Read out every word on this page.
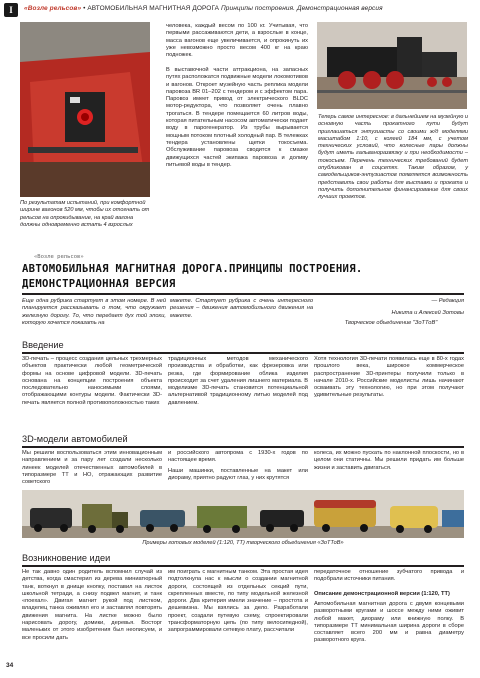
І	«Возле рельсов» • АВТОМОБИЛЬНАЯ МАГНИТНАЯ ДОРОГА Принципы построения. Демонстрационная версия
По результатам испытаний, при комфортной ширине вагонов 520 мм, чтобы их отогнать от рельсов на опрокидывание, на край вагона должны одновременно встать 4 взрослых
человека, каждый весом по 100 кг. Учитывая, что первыми рассаживаются дети, а взрослые в конце, масса вагонов еще увеличивается, и опрокинуть их уже невозможно просто весом 400 кг на краю подножек.
В выставочной части аттракциона, на запасных путях расположатся подвижные модели локомотивов и вагонов. Откроет музейную часть реплика модели паровоза ВR 01–202 с тендером и с эффектом пара. Паровоз имеет привод от электрического BLDC мотор-редуктора, что позволяет очень плавно трогаться. В тендере помещается 60 литров воды, которая питательным насосом автоматически подает воду в парогенератор. Из трубы вырывается мощным потоком плотный холодный пар. В тележках тендера установлены щетки токосъема. Обслуживание паровоза сводится к смазке движущихся частей экипажа паровоза и доливу питьевой воды в тендер.
Теперь самое интересное: в дальнейшем на музейную и основную часть прокатного пути будут приглашаться энтузиасты со своими ж/д моделями масштабом 1:10, с колеей 184 мм, с учетом технических условий, что колесные пары должны будут иметь гальваноразвязку и при необходимости – токосъем. Перечень технических требований будет опубликован в соцсетях. Таким образом, у самодельщиков-энтузиастов появляется возможность представить свои работы для выставки и проката и получить дополнительное финансирование для своих лучших проектов.
«Возле рельсов»
АВТОМОБИЛЬНАЯ МАГНИТНАЯ ДОРОГА.ПРИНЦИПЫ ПОСТРОЕНИЯ.
ДЕМОНСТРАЦИОННАЯ ВЕРСИЯ
Еще одна рубрика стартует в этом номере. В ней планируется рассказывать о том, что окружает железную дорогу. То, что передает дух той эпохи, которую хочется показать на
макете. Стартует рубрика с очень интересного решения – движения автомобильного движения на макете.
— Редакция
Никита и Алексей Зотовы
Творческое объединение "ЗоТТоВ"
Введение
3D-печать – процесс создания цельных трехмерных объектов практически любой геометрической формы на основе цифровой модели. 3D-печать основана на концепции построения объекта последовательно наносимыми слоями, отображающими контуры модели. Фактически 3D-печать является полной противоположностью таких
традиционных методов механического производства и обработки, как фрезеровка или резка, где формирование облика изделия происходит за счет удаления лишнего материала. В моделизме 3D-печать становится потенциальной альтернативой традиционному литью моделей под давлением.
Хотя технология 3D-печати появилась еще в 80-х годах прошлого века, широкое коммерческое распространение 3D-принтеры получили только в начале 2010-х. Российские моделисты лишь начинают осваивать эту технологию, но при этом получают удивительные результаты.
3D-модели автомобилей
Мы решили воспользоваться этим инновационным направлением и за пару лет создали несколько линеек моделей отечественных автомобилей в типоразмере ТТ и НО, отражающих развитие советского
и российского автопрома с 1930-х годов по настоящее время.
Наши машинки, поставленные на макет или диораму, приятно радуют глаз, у них крутятся
колеса, их можно пускать по наклонной плоскости, но в целом они статичны. Мы решили придать им больше жизни и заставить двигаться.
Примеры готовых моделей (1:120, ТТ) творческого объединения «ЗоТТоВ»
Возникновение идеи
Не так давно один родитель вспомнил случай из детства, когда смастерил из дерева миниатюрный танк, воткнул в днище кнопку, поставил на листок школьной тетради, а снизу подвел магнит, и танк «поехал». Двигая магнит рукой под листком, владелец танка оживлял его и заставлял повторять движения магнита. На листке можно было нарисовать дорогу, домики, деревья. Восторг маленьких от этого изобретения был неописуем, и все просили дать
им поиграть с магнитным танком. Эта простая идея подтолкнула нас к мысли о создании магнитной дороги, состоящей из отдельных секций пути, скрепленных вместе, по типу модельной железной дороги. Два критерия имели значение – простота и дешевизна. Мы взялись за дело. Разработали проект, создали путевую схему, спроектировали трансформаторную цепь (по типу велосипедной), запрограммировали сетевую плату, рассчитали
передаточное отношение зубчатого привода и подобрали источники питания.
Описание демонстрационной версии (1:120, ТТ)
Автомобильная магнитная дорога с двумя концевыми разворотными кругами и шоссе между ними оживит любой макет, диораму или книжную полку. В типоразмере ТТ минимальная ширина дороги в сборе составляет всего 200 мм и равна диаметру разворотного круга.
34
